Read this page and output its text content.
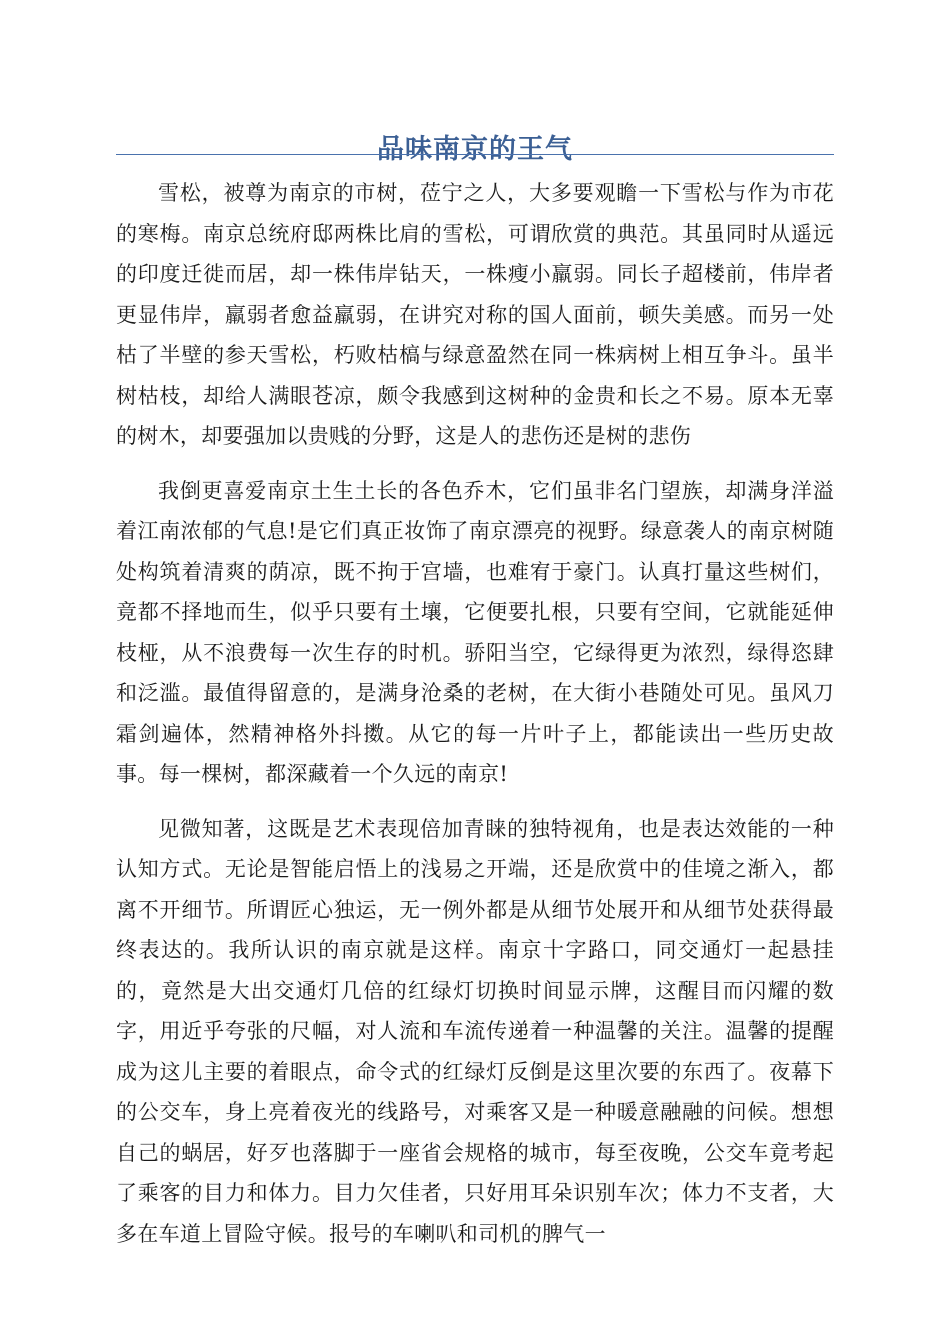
品味南京的王气

雪松，被尊为南京的市树，莅宁之人，大多要观瞻一下雪松与作为市花的寒梅。南京总统府邸两株比肩的雪松，可谓欣赏的典范。其虽同时从遥远的印度迁徙而居，却一株伟岸钻天，一株瘦小羸弱。同长子超楼前，伟岸者更显伟岸，羸弱者愈益羸弱，在讲究对称的国人面前，顿失美感。而另一处枯了半壁的参天雪松，朽败枯槁与绿意盈然在同一株病树上相互争斗。虽半树枯枝，却给人满眼苍凉，颇令我感到这树种的金贵和长之不易。原本无辜的树木，却要强加以贵贱的分野，这是人的悲伤还是树的悲伤

我倒更喜爱南京土生土长的各色乔木，它们虽非名门望族，却满身洋溢着江南浓郁的气息!是它们真正妆饰了南京漂亮的视野。绿意袭人的南京树随处构筑着清爽的荫凉，既不拘于宫墙，也难宥于豪门。认真打量这些树们，竟都不择地而生，似乎只要有土壤，它便要扎根，只要有空间，它就能延伸枝桠，从不浪费每一次生存的时机。骄阳当空，它绿得更为浓烈，绿得恣肆和泛滥。最值得留意的，是满身沧桑的老树，在大街小巷随处可见。虽风刀霜剑遍体，然精神格外抖擞。从它的每一片叶子上，都能读出一些历史故事。每一棵树，都深藏着一个久远的南京!

见微知著，这既是艺术表现倍加青睐的独特视角，也是表达效能的一种认知方式。无论是智能启悟上的浅易之开端，还是欣赏中的佳境之渐入，都离不开细节。所谓匠心独运，无一例外都是从细节处展开和从细节处获得最终表达的。我所认识的南京就是这样。南京十字路口，同交通灯一起悬挂的，竟然是大出交通灯几倍的红绿灯切换时间显示牌，这醒目而闪耀的数字，用近乎夸张的尺幅，对人流和车流传递着一种温馨的关注。温馨的提醒成为这儿主要的着眼点，命令式的红绿灯反倒是这里次要的东西了。夜幕下的公交车，身上亮着夜光的线路号，对乘客又是一种暖意融融的问候。想想自己的蜗居，好歹也落脚于一座省会规格的城市，每至夜晚，公交车竟考起了乘客的目力和体力。目力欠佳者，只好用耳朵识别车次；体力不支者，大多在车道上冒险守候。报号的车喇叭和司机的脾气一
